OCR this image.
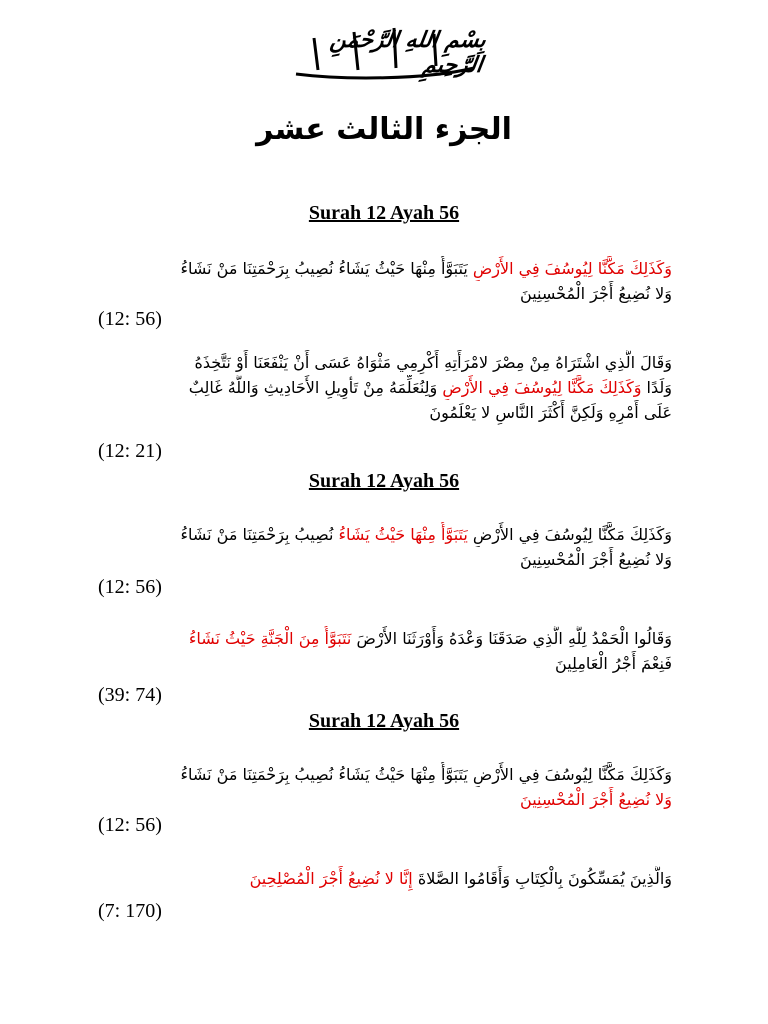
بِسْمِ اللهِ الرَّحْمَنِ الرَّحِيمِ
الجزء الثالث عشر
Surah 12 Ayah 56
وَكَذَلِكَ مَكَّنَّا لِيُوسُفَ فِي الأَرْضِ يَتَبَوَّأُ مِنْهَا حَيْثُ يَشَاءُ نُصِيبُ بِرَحْمَتِنَا مَنْ نَشَاءُ
وَلا نُضِيعُ أَجْرَ الْمُحْسِنِينَ
(12: 56)
وَقَالَ الَّذِي اشْتَرَاهُ مِنْ مِصْرَ لامْرَأَتِهِ أَكْرِمِي مَثْوَاهُ عَسَى أَنْ يَنْفَعَنَا أَوْ نَتَّخِذَهُ
وَلَدًا وَكَذَلِكَ مَكَّنَّا لِيُوسُفَ فِي الأَرْضِ وَلِنُعَلِّمَهُ مِنْ تَأْوِيلِ الأَحَادِيثِ وَاللَّهُ غَالِبٌ
عَلَى أَمْرِهِ وَلَكِنَّ أَكْثَرَ النَّاسِ لا يَعْلَمُونَ
(12: 21)
Surah 12 Ayah 56
وَكَذَلِكَ مَكَّنَّا لِيُوسُفَ فِي الأَرْضِ يَتَبَوَّأُ مِنْهَا حَيْثُ يَشَاءُ نُصِيبُ بِرَحْمَتِنَا مَنْ نَشَاءُ
وَلا نُضِيعُ أَجْرَ الْمُحْسِنِينَ
(12: 56)
وَقَالُوا الْحَمْدُ لِلَّهِ الَّذِي صَدَقَنَا وَعْدَهُ وَأَوْرَثَنَا الأَرْضَ نَتَبَوَّأُ مِنَ الْجَنَّةِ حَيْثُ نَشَاءُ
فَنِعْمَ أَجْرُ الْعَامِلِينَ
(39: 74)
Surah 12 Ayah 56
وَكَذَلِكَ مَكَّنَّا لِيُوسُفَ فِي الأَرْضِ يَتَبَوَّأُ مِنْهَا حَيْثُ يَشَاءُ نُصِيبُ بِرَحْمَتِنَا مَنْ نَشَاءُ
وَلا نُضِيعُ أَجْرَ الْمُحْسِنِينَ
(12: 56)
وَالَّذِينَ يُمَسِّكُونَ بِالْكِتَابِ وَأَقَامُوا الصَّلاةَ إِنَّا لا نُضِيعُ أَجْرَ الْمُصْلِحِينَ
(7: 170)
